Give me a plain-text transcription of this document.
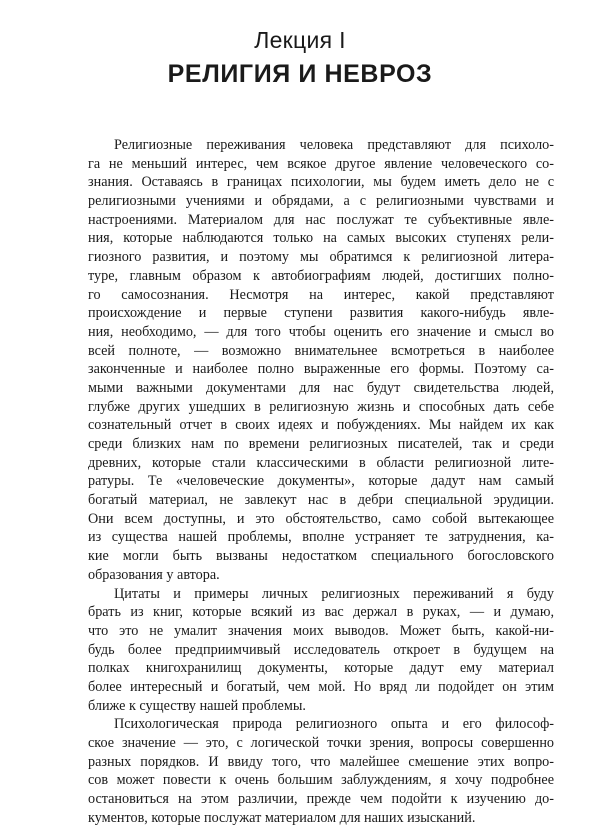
Лекция I
РЕЛИГИЯ И НЕВРОЗ
Религиозные переживания человека представляют для психоло-
га не меньший интерес, чем всякое другое явление человеческого со-
знания. Оставаясь в границах психологии, мы будем иметь дело не с
религиозными учениями и обрядами, а с религиозными чувствами и
настроениями. Материалом для нас послужат те субъективные явле-
ния, которые наблюдаются только на самых высоких ступенях рели-
гиозного развития, и поэтому мы обратимся к религиозной литера-
туре, главным образом к автобиографиям людей, достигших полно-
го самосознания. Несмотря на интерес, какой представляют
происхождение и первые ступени развития какого-нибудь явле-
ния, необходимо, — для того чтобы оценить его значение и смысл во
всей полноте, — возможно внимательнее всмотреться в наиболее
законченные и наиболее полно выраженные его формы. Поэтому са-
мыми важными документами для нас будут свидетельства людей,
глубже других ушедших в религиозную жизнь и способных дать себе
сознательный отчет в своих идеях и побуждениях. Мы найдем их как
среди близких нам по времени религиозных писателей, так и среди
древних, которые стали классическими в области религиозной лите-
ратуры. Те «человеческие документы», которые дадут нам самый
богатый материал, не завлекут нас в дебри специальной эрудиции.
Они всем доступны, и это обстоятельство, само собой вытекающее
из существа нашей проблемы, вполне устраняет те затруднения, ка-
кие могли быть вызваны недостатком специального богословского
образования у автора.
Цитаты и примеры личных религиозных переживаний я буду
брать из книг, которые всякий из вас держал в руках, — и думаю,
что это не умалит значения моих выводов. Может быть, какой-ни-
будь более предприимчивый исследователь откроет в будущем на
полках книгохранилищ документы, которые дадут ему материал
более интересный и богатый, чем мой. Но вряд ли подойдет он этим
ближе к существу нашей проблемы.
Психологическая природа религиозного опыта и его философ-
ское значение — это, с логической точки зрения, вопросы совершенно
разных порядков. И ввиду того, что малейшее смешение этих вопро-
сов может повести к очень большим заблуждениям, я хочу подробнее
остановиться на этом различии, прежде чем подойти к изучению до-
кументов, которые послужат материалом для наших изысканий.
